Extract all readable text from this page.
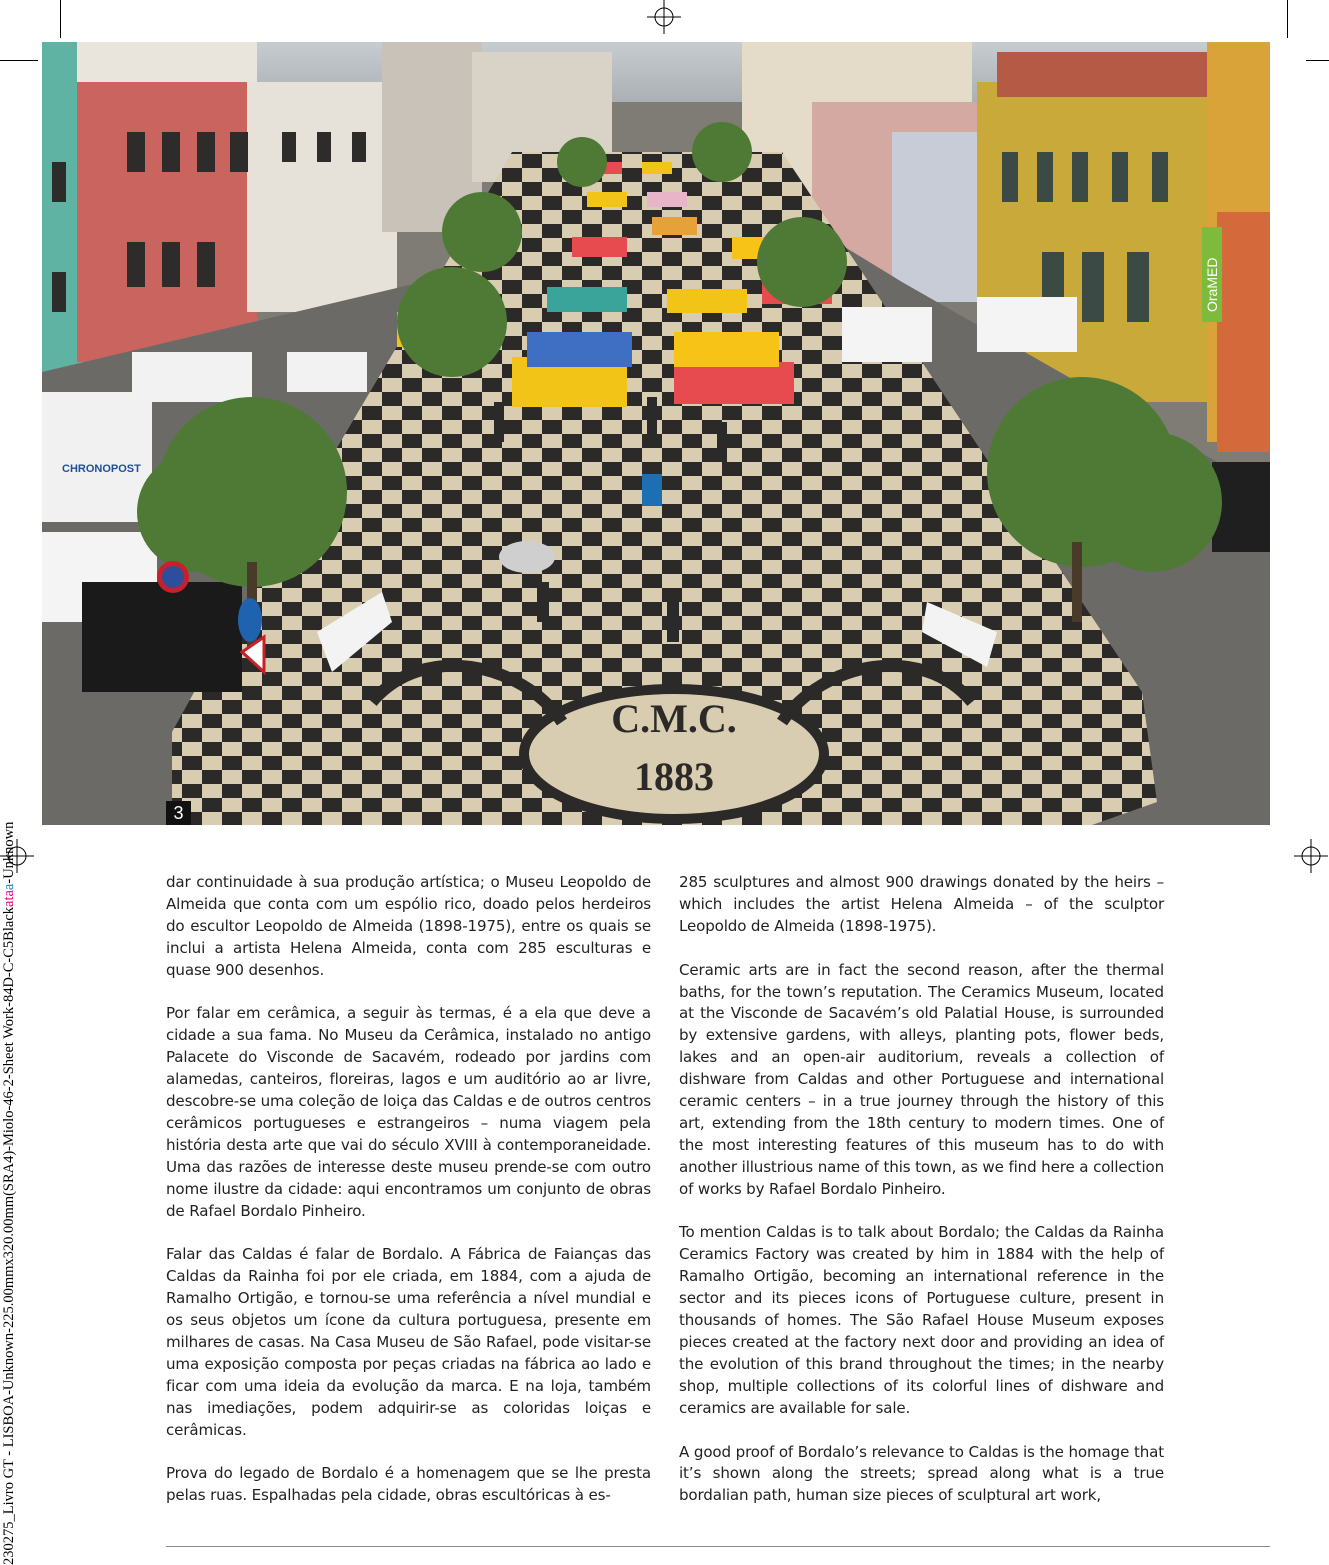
OraMED
CHRONOPOST
C.M.C.
1883
3
230275_Livro GT - LISBOA-Unknown-225.00mmx320.00mm(SRA4)-Miolo-46-2-Sheet Work-84D-C-C5Blackataa-Unknown	dar continuidade à sua produção artística; o Museu Leopoldo de Almeida que conta com um espólio rico, doado pelos herdeiros do escultor Leopoldo de Almeida (1898-1975), entre os quais se inclui a artista Helena Almeida, conta com 285 esculturas e quase 900 desenhos.

Por falar em cerâmica, a seguir às termas, é a ela que deve a cidade a sua fama. No Museu da Cerâmica, instalado no antigo Palacete do Visconde de Sacavém, rodeado por jardins com alamedas, canteiros, floreiras, lagos e um auditório ao ar livre, descobre-se uma coleção de loiça das Caldas e de outros centros cerâmicos portugueses e estrangeiros – numa viagem pela história desta arte que vai do século XVIII à contemporaneidade. Uma das razões de interesse deste museu prende-se com outro nome ilustre da cidade: aqui encontramos um conjunto de obras de Rafael Bordalo Pinheiro.

Falar das Caldas é falar de Bordalo. A Fábrica de Faianças das Caldas da Rainha foi por ele criada, em 1884, com a ajuda de Ramalho Ortigão, e tornou-se uma referência a nível mundial e os seus objetos um ícone da cultura portuguesa, presente em milhares de casas. Na Casa Museu de São Rafael, pode visitar-se uma exposição composta por peças criadas na fábrica ao lado e ficar com uma ideia da evolução da marca. E na loja, também nas imediações, podem adquirir-se as coloridas loiças e cerâmicas.

Prova do legado de Bordalo é a homenagem que se lhe presta pelas ruas. Espalhadas pela cidade, obras escultóricas à es-

285 sculptures and almost 900 drawings donated by the heirs – which includes the artist Helena Almeida – of the sculptor Leopoldo de Almeida (1898-1975).

Ceramic arts are in fact the second reason, after the thermal baths, for the town’s reputation. The Ceramics Museum, located at the Visconde de Sacavém’s old Palatial House, is surrounded by extensive gardens, with alleys, planting pots, flower beds, lakes and an open-air auditorium, reveals a collection of dishware from Caldas and other Portuguese and international ceramic centers – in a true journey through the history of this art, extending from the 18th century to modern times. One of the most interesting features of this museum has to do with another illustrious name of this town, as we find here a collection of works by Rafael Bordalo Pinheiro.

To mention Caldas is to talk about Bordalo; the Caldas da Rainha Ceramics Factory was created by him in 1884 with the help of Ramalho Ortigão, becoming an international reference in the sector and its pieces icons of Portuguese culture, present in thousands of homes. The São Rafael House Museum exposes pieces created at the factory next door and providing an idea of the evolution of this brand throughout the times; in the nearby shop, multiple collections of its colorful lines of dishware and ceramics are available for sale.

A good proof of Bordalo’s relevance to Caldas is the homage that it’s shown along the streets; spread along what is a true bordalian path, human size pieces of sculptural art work,
